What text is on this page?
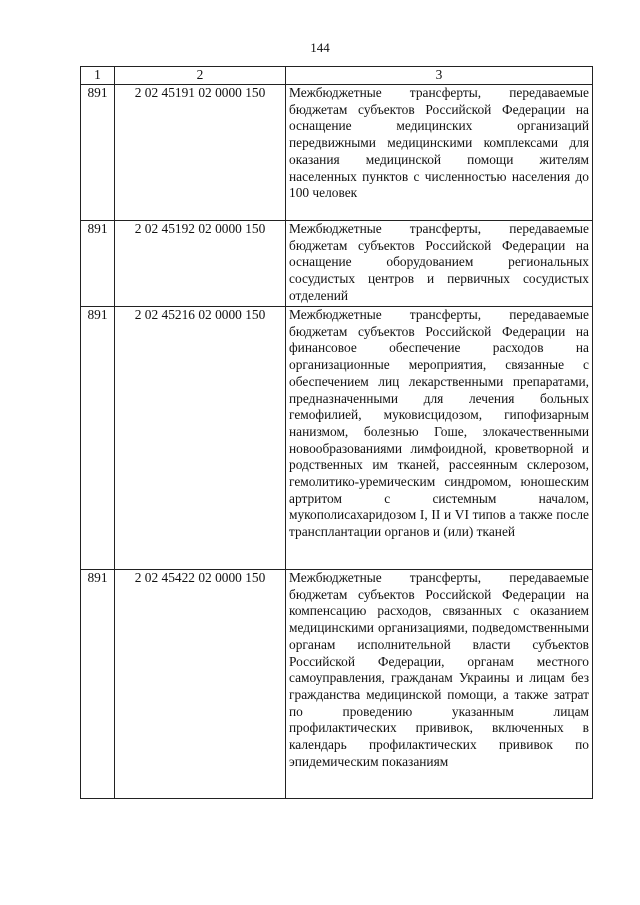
144
1	2	3
891	2 02 45191 02 0000 150	Межбюджетные трансферты, передаваемые бюджетам субъектов Российской Федерации на оснащение медицинских организаций передвижными медицинскими комплексами для оказания медицинской помощи жителям населенных пунктов с численностью населения до 100 человек
891	2 02 45192 02 0000 150	Межбюджетные трансферты, передаваемые бюджетам субъектов Российской Федерации на оснащение оборудованием региональных сосудистых центров и первичных сосудистых отделений
891	2 02 45216 02 0000 150	Межбюджетные трансферты, передаваемые бюджетам субъектов Российской Федерации на финансовое обеспечение расходов на организационные мероприятия, связанные с обеспечением лиц лекарственными препаратами, предназначенными для лечения больных гемофилией, муковисцидозом, гипофизарным нанизмом, болезнью Гоше, злокачественными новообразованиями лимфоидной, кроветворной и родственных им тканей, рассеянным склерозом, гемолитико-уремическим синдромом, юношеским артритом с системным началом, мукополисахаридозом I, II и VI типов а также после трансплантации органов и (или) тканей
891	2 02 45422 02 0000 150	Межбюджетные трансферты, передаваемые бюджетам субъектов Российской Федерации на компенсацию расходов, связанных с оказанием медицинскими организациями, подведомственными органам исполнительной власти субъектов Российской Федерации, органам местного самоуправления, гражданам Украины и лицам без гражданства медицинской помощи, а также затрат по проведению указанным лицам профилактических прививок, включенных в календарь профилактических прививок по эпидемическим показаниям
